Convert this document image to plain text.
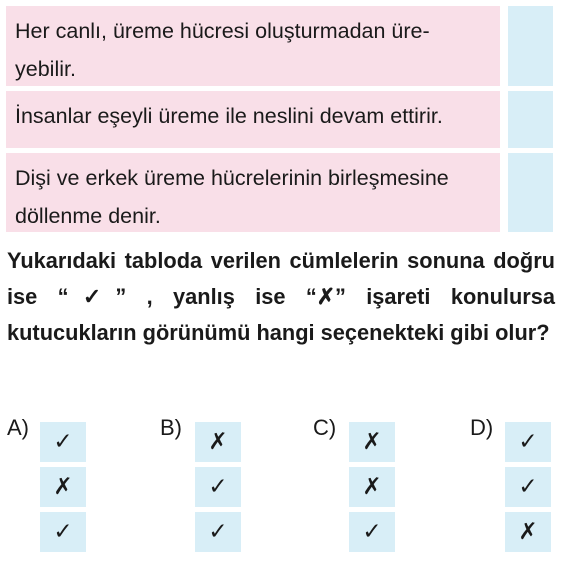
Her canlı, üreme hücresi oluşturmadan üre-
yebilir.
İnsanlar eşeyli üreme ile neslini devam ettirir.
Dişi ve erkek üreme hücrelerinin birleşmesine
döllenme denir.
Yukarıdaki tabloda verilen cümlelerin sonuna doğru ise “✓” , yanlış ise “✗” işareti konulursa kutucukların görünümü hangi seçenekteki gibi olur?
A)
✓
✗
✓
B)
✗
✓
✓
C)
✗
✗
✓
D)
✓
✓
✗
